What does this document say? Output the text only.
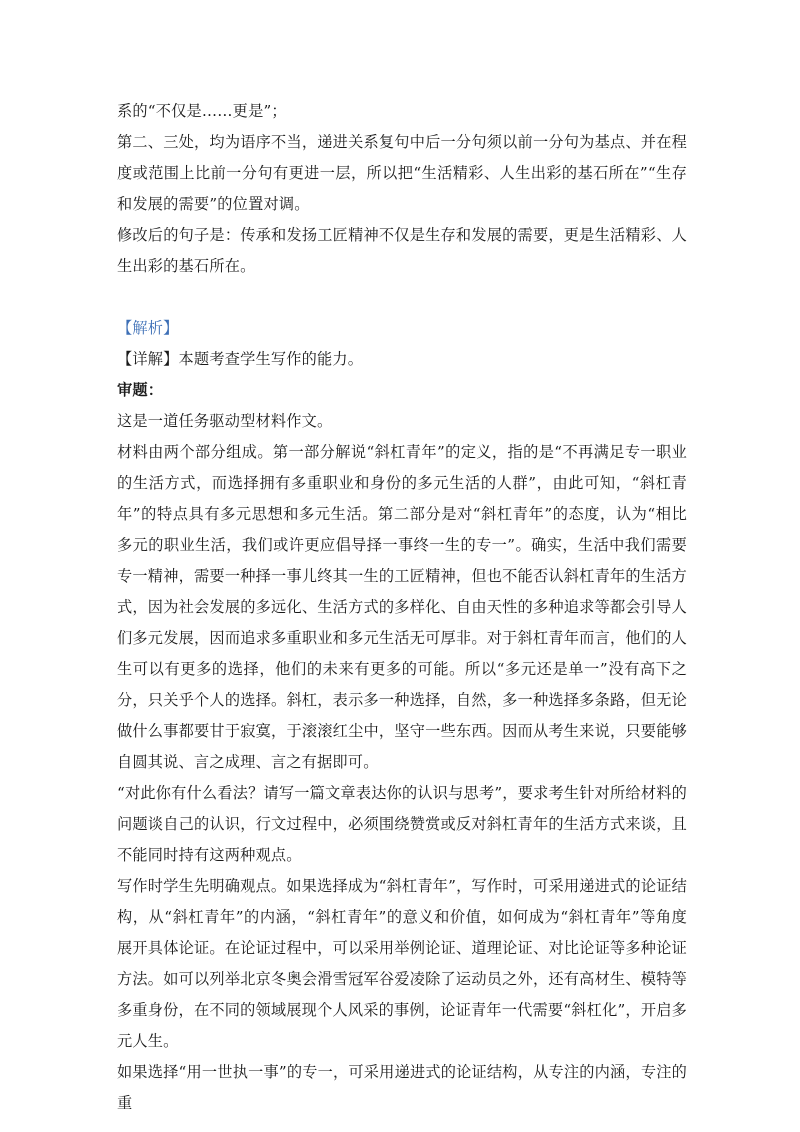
系的“不仅是……更是”；

第二、三处，均为语序不当，递进关系复句中后一分句须以前一分句为基点、并在程度或范围上比前一分句有更进一层，所以把“生活精彩、人生出彩的基石所在”“生存和发展的需要”的位置对调。

修改后的句子是：传承和发扬工匠精神不仅是生存和发展的需要，更是生活精彩、人生出彩的基石所在。

【解析】

【详解】本题考查学生写作的能力。

审题：

这是一道任务驱动型材料作文。

材料由两个部分组成。第一部分解说“斜杠青年”的定义，指的是“不再满足专一职业的生活方式，而选择拥有多重职业和身份的多元生活的人群”，由此可知，“斜杠青年”的特点具有多元思想和多元生活。第二部分是对“斜杠青年”的态度，认为“相比多元的职业生活，我们或许更应倡导择一事终一生的专一”。确实，生活中我们需要专一精神，需要一种择一事儿终其一生的工匠精神，但也不能否认斜杠青年的生活方式，因为社会发展的多远化、生活方式的多样化、自由天性的多种追求等都会引导人们多元发展，因而追求多重职业和多元生活无可厚非。对于斜杠青年而言，他们的人生可以有更多的选择，他们的未来有更多的可能。所以“多元还是单一”没有高下之分，只关乎个人的选择。斜杠，表示多一种选择，自然，多一种选择多条路，但无论做什么事都要甘于寂寞，于滚滚红尘中，坚守一些东西。因而从考生来说，只要能够自圆其说、言之成理、言之有据即可。

“对此你有什么看法？请写一篇文章表达你的认识与思考”，要求考生针对所给材料的问题谈自己的认识，行文过程中，必须围绕赞赏或反对斜杠青年的生活方式来谈，且不能同时持有这两种观点。

写作时学生先明确观点。如果选择成为“斜杠青年”，写作时，可采用递进式的论证结构，从“斜杠青年”的内涵，“斜杠青年”的意义和价值，如何成为“斜杠青年”等角度展开具体论证。在论证过程中，可以采用举例论证、道理论证、对比论证等多种论证方法。如可以列举北京冬奥会滑雪冠军谷爱凌除了运动员之外，还有高材生、模特等多重身份，在不同的领域展现个人风采的事例，论证青年一代需要“斜杠化”，开启多元人生。

如果选择“用一世执一事”的专一，可采用递进式的论证结构，从专注的内涵，专注的重
